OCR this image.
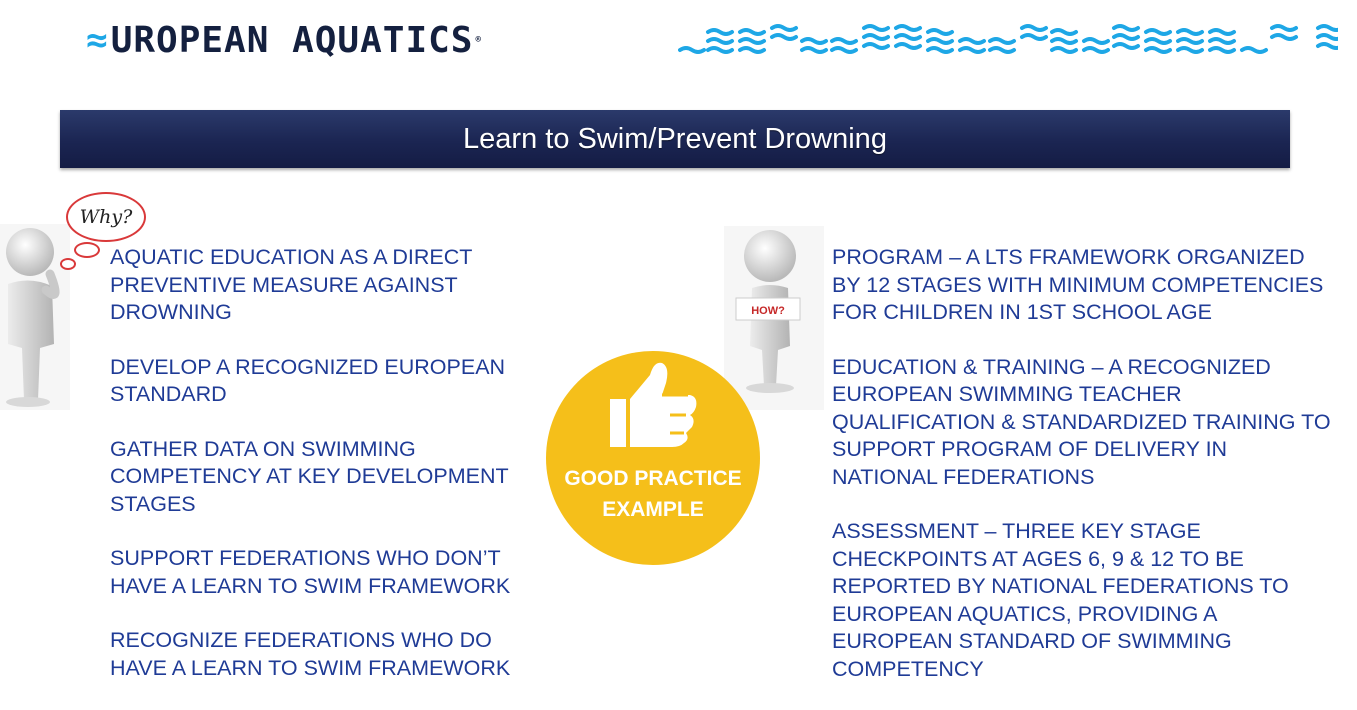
≈ UROPEAN AQUATICS ®
Learn to Swim/Prevent Drowning
Why?
AQUATIC EDUCATION AS A DIRECT PREVENTIVE MEASURE AGAINST DROWNING
DEVELOP A RECOGNIZED EUROPEAN STANDARD
GATHER DATA ON SWIMMING COMPETENCY AT KEY DEVELOPMENT STAGES
SUPPORT FEDERATIONS WHO DON’T HAVE A LEARN TO SWIM FRAMEWORK
RECOGNIZE FEDERATIONS WHO DO HAVE A LEARN TO SWIM FRAMEWORK
HOW?
GOOD PRACTICE
EXAMPLE
PROGRAM – A LTS FRAMEWORK ORGANIZED BY 12 STAGES WITH MINIMUM COMPETENCIES FOR CHILDREN IN 1ST SCHOOL AGE
EDUCATION & TRAINING – A RECOGNIZED EUROPEAN SWIMMING TEACHER QUALIFICATION & STANDARDIZED TRAINING TO SUPPORT PROGRAM OF DELIVERY IN NATIONAL FEDERATIONS
ASSESSMENT – THREE KEY STAGE CHECKPOINTS AT AGES 6, 9 & 12 TO BE REPORTED BY NATIONAL FEDERATIONS TO EUROPEAN AQUATICS, PROVIDING A EUROPEAN STANDARD OF SWIMMING COMPETENCY
